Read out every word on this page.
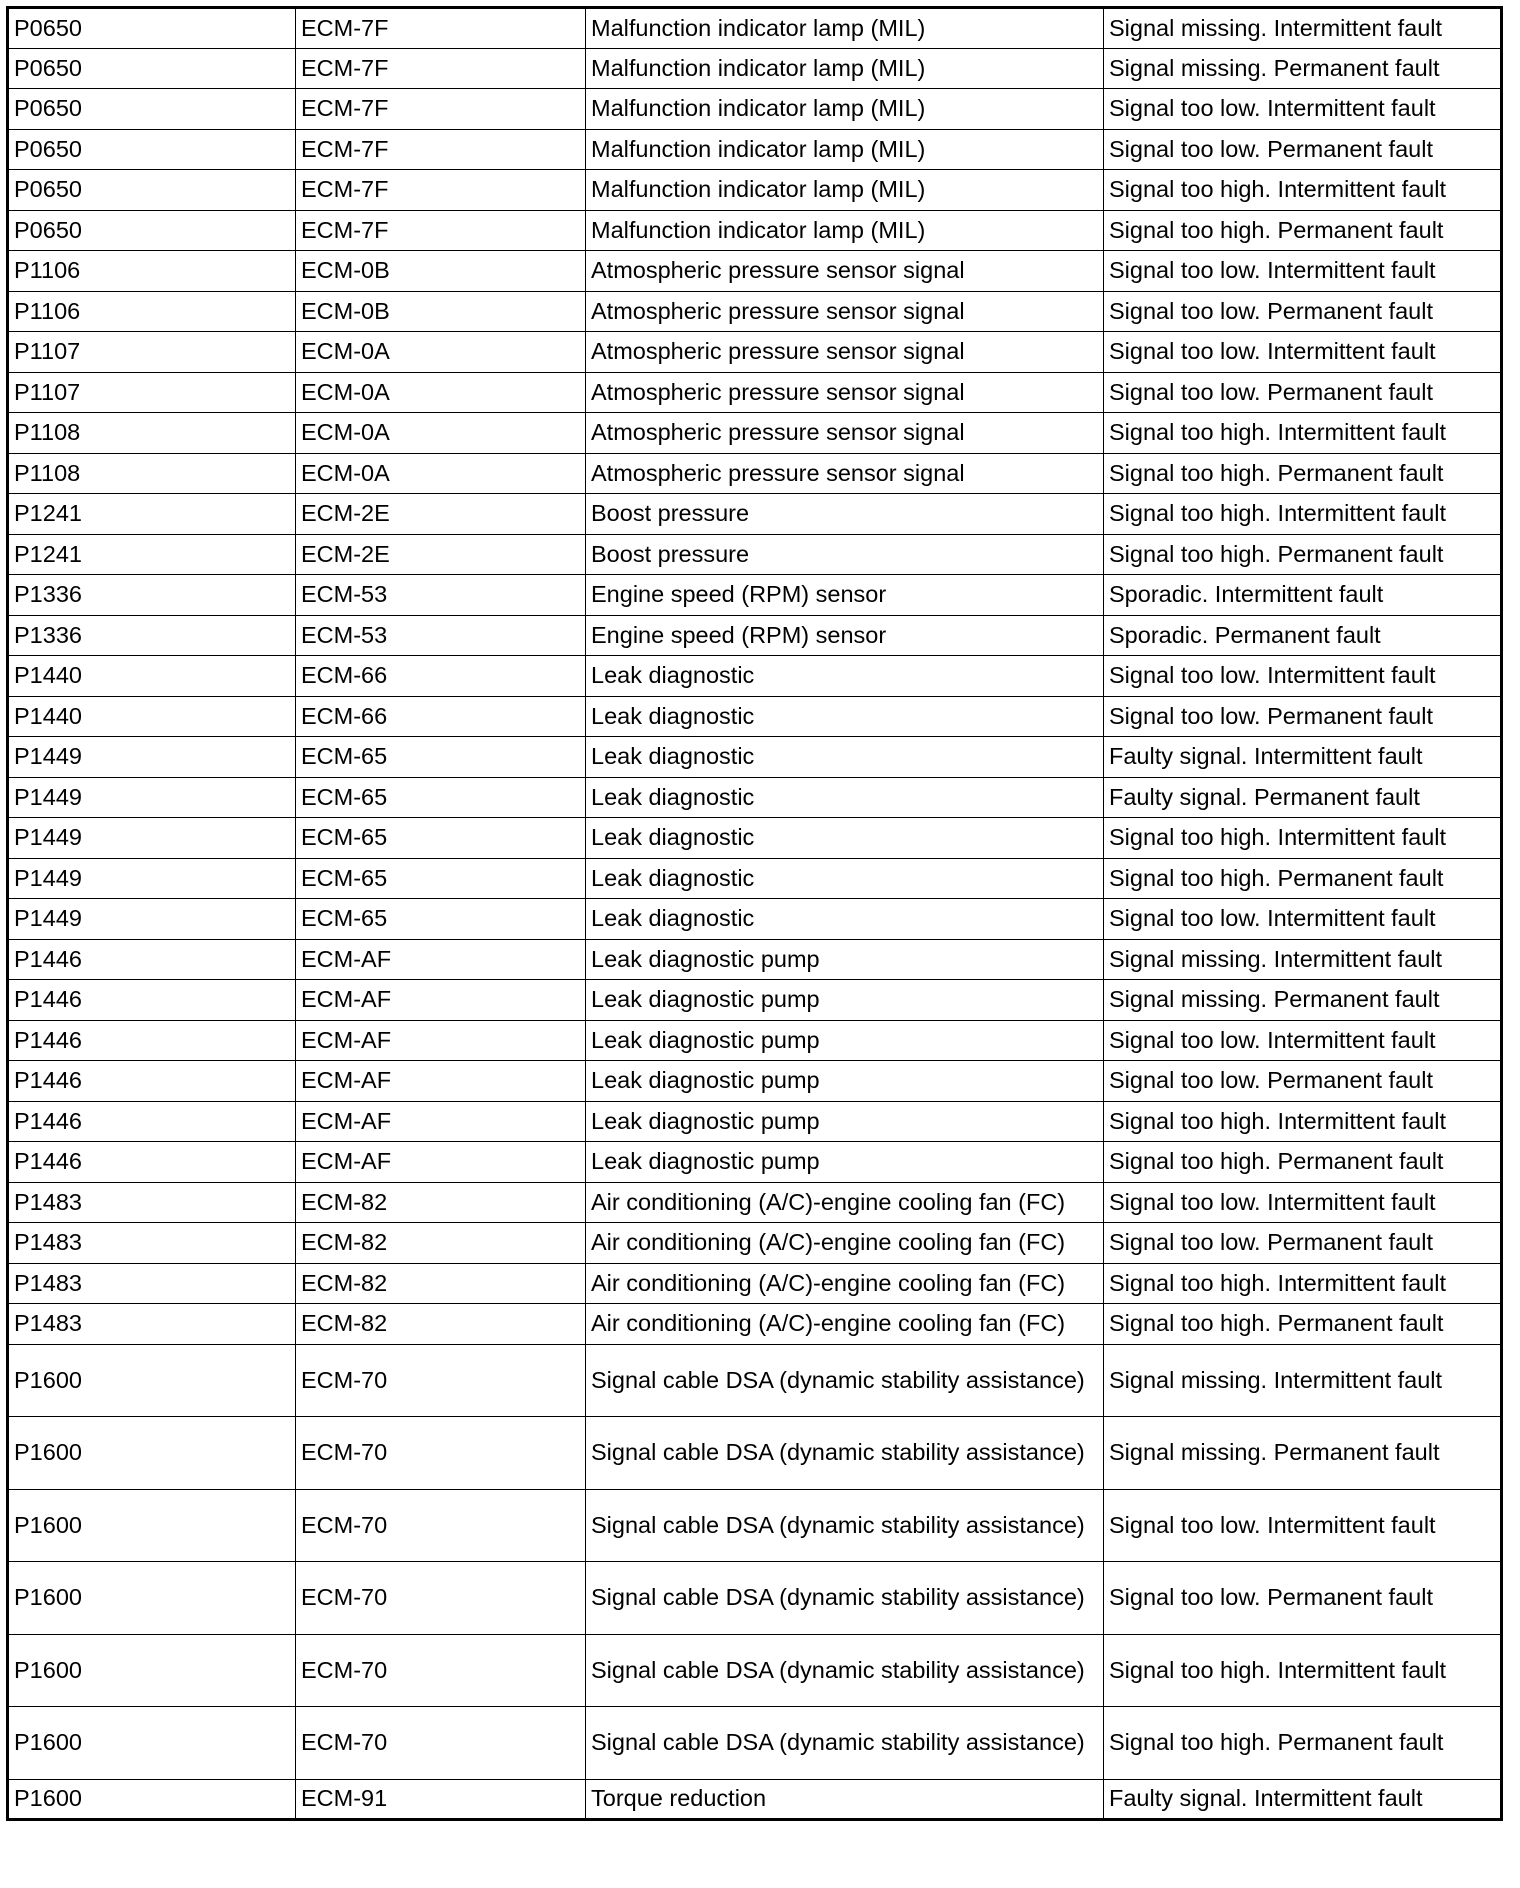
P0650	ECM-7F	Malfunction indicator lamp (MIL)	Signal missing. Intermittent fault
P0650	ECM-7F	Malfunction indicator lamp (MIL)	Signal missing. Permanent fault
P0650	ECM-7F	Malfunction indicator lamp (MIL)	Signal too low. Intermittent fault
P0650	ECM-7F	Malfunction indicator lamp (MIL)	Signal too low. Permanent fault
P0650	ECM-7F	Malfunction indicator lamp (MIL)	Signal too high. Intermittent fault
P0650	ECM-7F	Malfunction indicator lamp (MIL)	Signal too high. Permanent fault
P1106	ECM-0B	Atmospheric pressure sensor signal	Signal too low. Intermittent fault
P1106	ECM-0B	Atmospheric pressure sensor signal	Signal too low. Permanent fault
P1107	ECM-0A	Atmospheric pressure sensor signal	Signal too low. Intermittent fault
P1107	ECM-0A	Atmospheric pressure sensor signal	Signal too low. Permanent fault
P1108	ECM-0A	Atmospheric pressure sensor signal	Signal too high. Intermittent fault
P1108	ECM-0A	Atmospheric pressure sensor signal	Signal too high. Permanent fault
P1241	ECM-2E	Boost pressure	Signal too high. Intermittent fault
P1241	ECM-2E	Boost pressure	Signal too high. Permanent fault
P1336	ECM-53	Engine speed (RPM) sensor	Sporadic. Intermittent fault
P1336	ECM-53	Engine speed (RPM) sensor	Sporadic. Permanent fault
P1440	ECM-66	Leak diagnostic	Signal too low. Intermittent fault
P1440	ECM-66	Leak diagnostic	Signal too low. Permanent fault
P1449	ECM-65	Leak diagnostic	Faulty signal. Intermittent fault
P1449	ECM-65	Leak diagnostic	Faulty signal. Permanent fault
P1449	ECM-65	Leak diagnostic	Signal too high. Intermittent fault
P1449	ECM-65	Leak diagnostic	Signal too high. Permanent fault
P1449	ECM-65	Leak diagnostic	Signal too low. Intermittent fault
P1446	ECM-AF	Leak diagnostic pump	Signal missing. Intermittent fault
P1446	ECM-AF	Leak diagnostic pump	Signal missing. Permanent fault
P1446	ECM-AF	Leak diagnostic pump	Signal too low. Intermittent fault
P1446	ECM-AF	Leak diagnostic pump	Signal too low. Permanent fault
P1446	ECM-AF	Leak diagnostic pump	Signal too high. Intermittent fault
P1446	ECM-AF	Leak diagnostic pump	Signal too high. Permanent fault
P1483	ECM-82	Air conditioning (A/C)-engine cooling fan (FC)	Signal too low. Intermittent fault
P1483	ECM-82	Air conditioning (A/C)-engine cooling fan (FC)	Signal too low. Permanent fault
P1483	ECM-82	Air conditioning (A/C)-engine cooling fan (FC)	Signal too high. Intermittent fault
P1483	ECM-82	Air conditioning (A/C)-engine cooling fan (FC)	Signal too high. Permanent fault
P1600	ECM-70	Signal cable DSA (dynamic stability assistance)	Signal missing. Intermittent fault
P1600	ECM-70	Signal cable DSA (dynamic stability assistance)	Signal missing. Permanent fault
P1600	ECM-70	Signal cable DSA (dynamic stability assistance)	Signal too low. Intermittent fault
P1600	ECM-70	Signal cable DSA (dynamic stability assistance)	Signal too low. Permanent fault
P1600	ECM-70	Signal cable DSA (dynamic stability assistance)	Signal too high. Intermittent fault
P1600	ECM-70	Signal cable DSA (dynamic stability assistance)	Signal too high. Permanent fault
P1600	ECM-91	Torque reduction	Faulty signal. Intermittent fault
